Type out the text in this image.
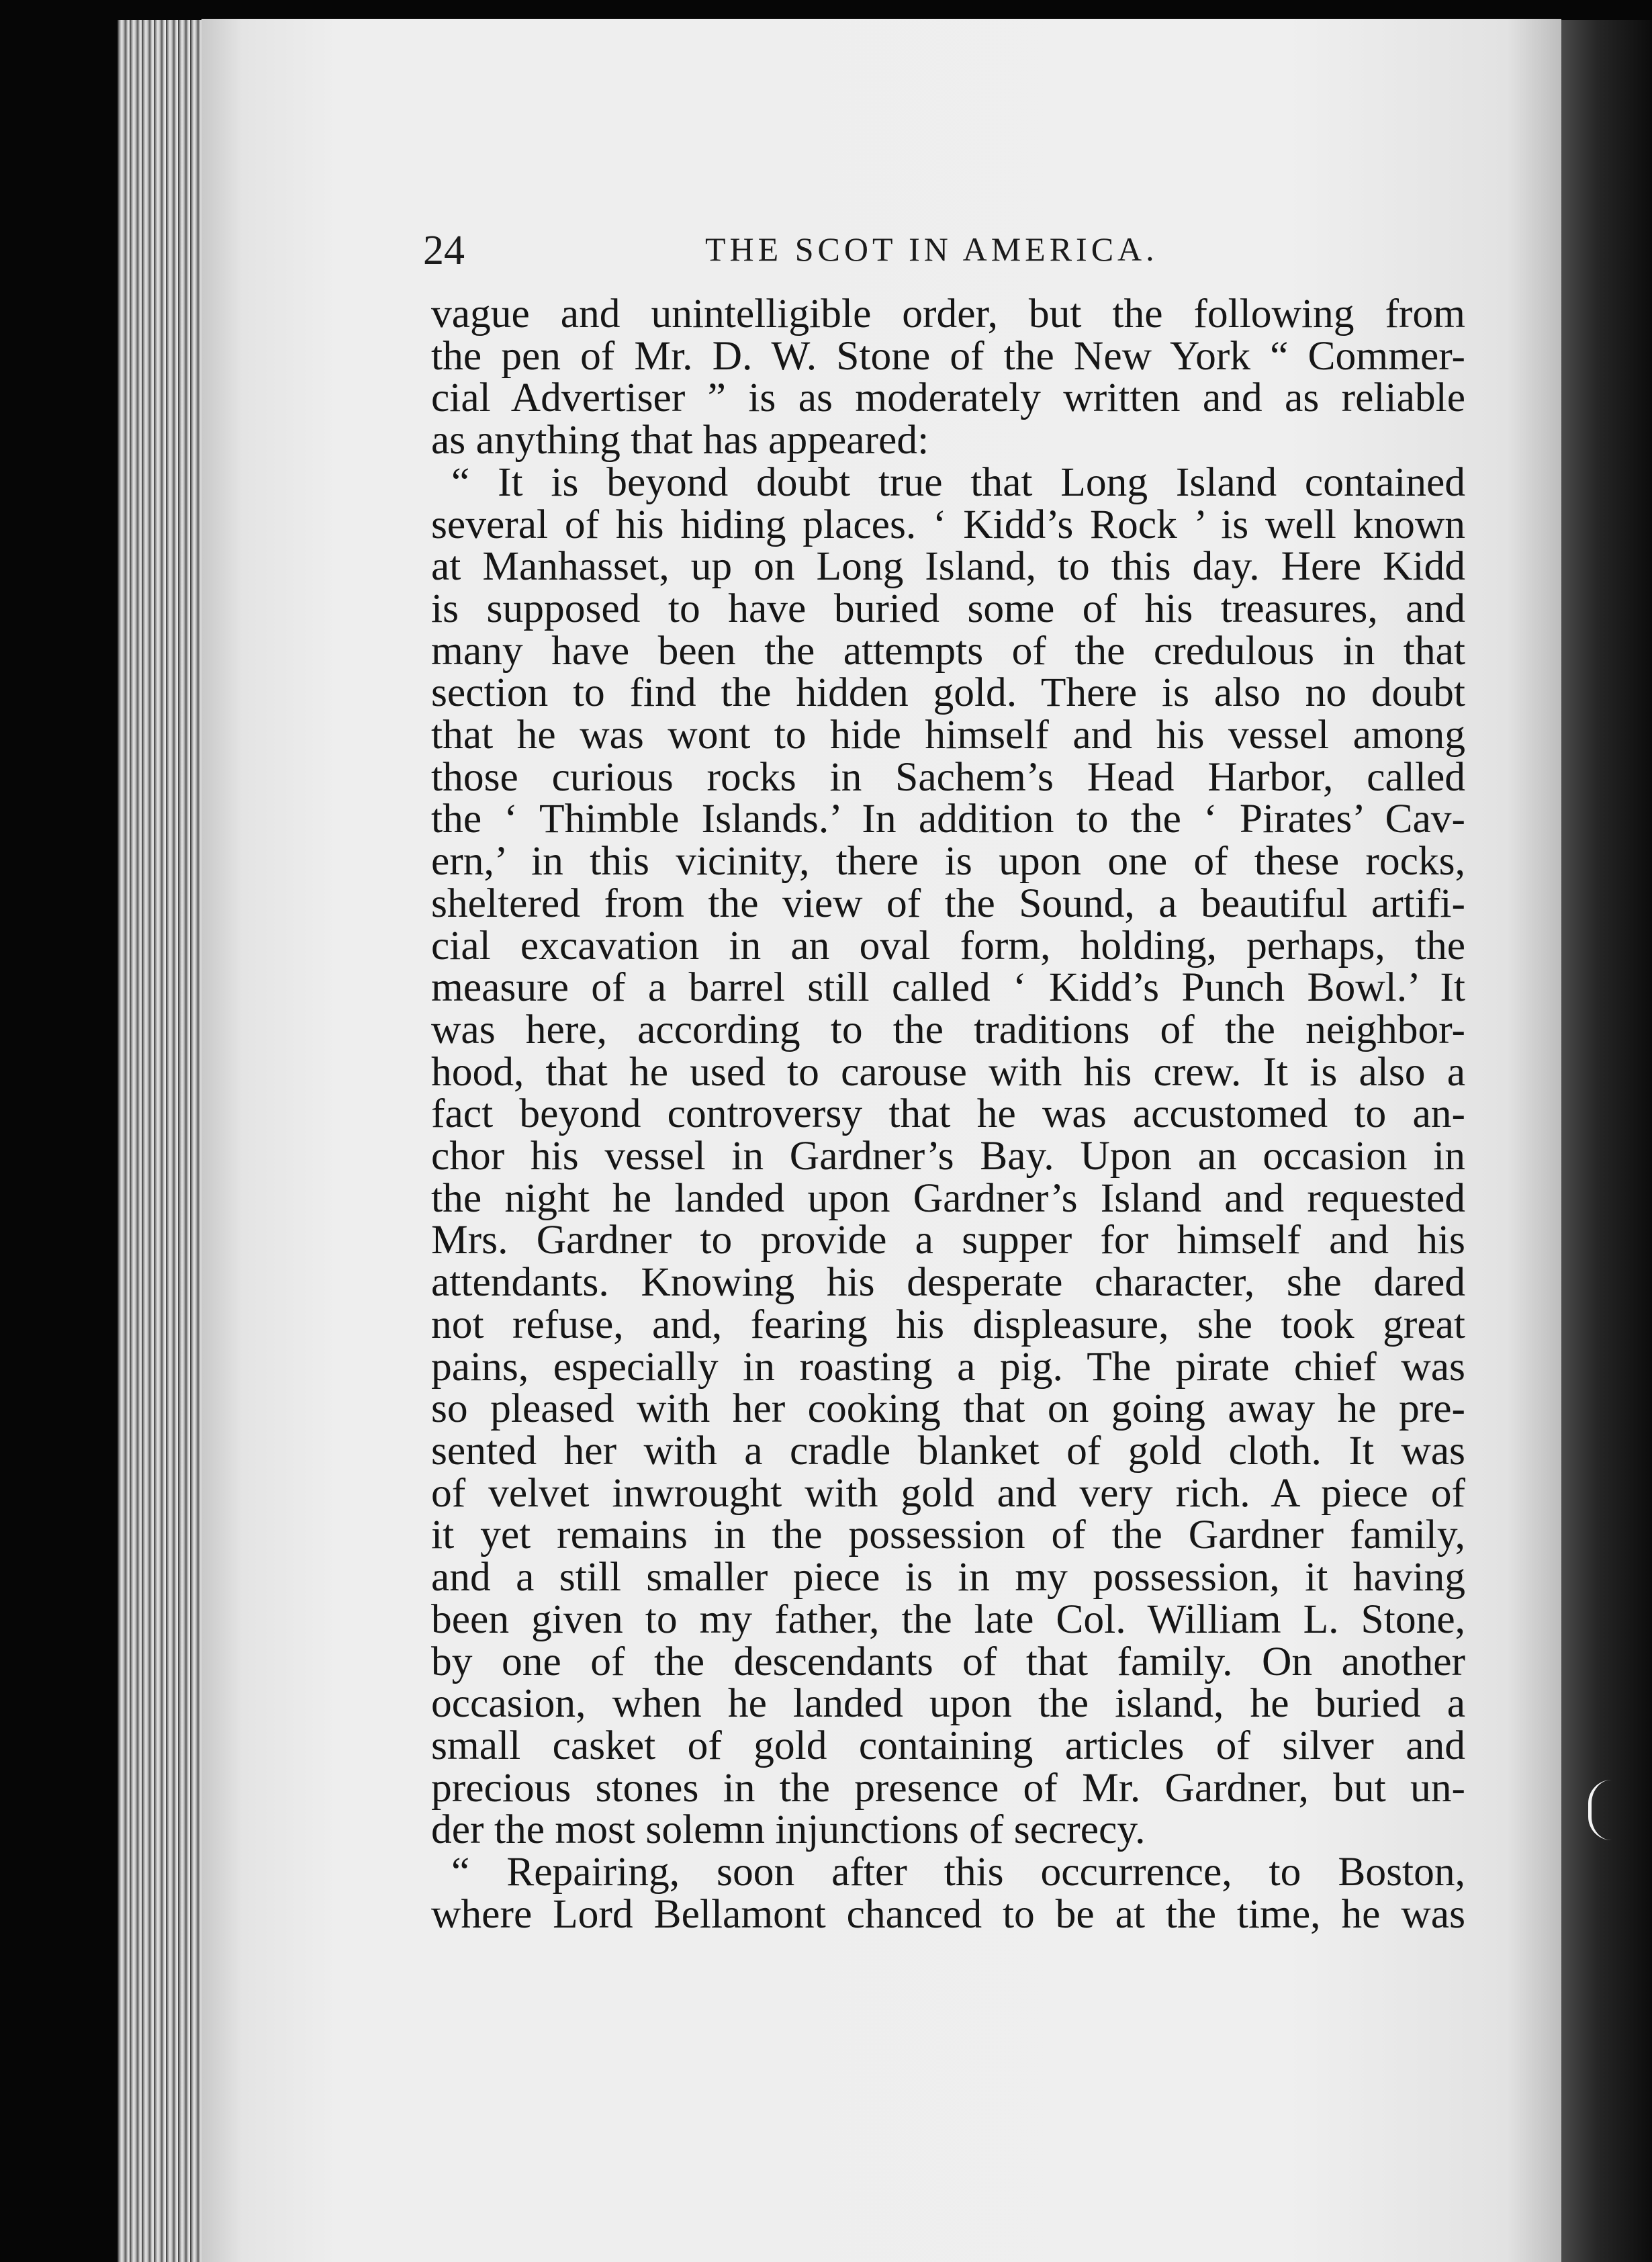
24	THE SCOT IN AMERICA.
vague and unintelligible order, but the following from
the pen of Mr. D. W. Stone of the New York “ Commer-
cial Advertiser ” is as moderately written and as reliable
as anything that has appeared:
“ It is beyond doubt true that Long Island contained
several of his hiding places. ‘ Kidd’s Rock ’ is well known
at Manhasset, up on Long Island, to this day. Here Kidd
is supposed to have buried some of his treasures, and
many have been the attempts of the credulous in that
section to find the hidden gold. There is also no doubt
that he was wont to hide himself and his vessel among
those curious rocks in Sachem’s Head Harbor, called
the ‘ Thimble Islands.’ In addition to the ‘ Pirates’ Cav-
ern,’ in this vicinity, there is upon one of these rocks,
sheltered from the view of the Sound, a beautiful artifi-
cial excavation in an oval form, holding, perhaps, the
measure of a barrel still called ‘ Kidd’s Punch Bowl.’ It
was here, according to the traditions of the neighbor-
hood, that he used to carouse with his crew. It is also a
fact beyond controversy that he was accustomed to an-
chor his vessel in Gardner’s Bay. Upon an occasion in
the night he landed upon Gardner’s Island and requested
Mrs. Gardner to provide a supper for himself and his
attendants. Knowing his desperate character, she dared
not refuse, and, fearing his displeasure, she took great
pains, especially in roasting a pig. The pirate chief was
so pleased with her cooking that on going away he pre-
sented her with a cradle blanket of gold cloth. It was
of velvet inwrought with gold and very rich. A piece of
it yet remains in the possession of the Gardner family,
and a still smaller piece is in my possession, it having
been given to my father, the late Col. William L. Stone,
by one of the descendants of that family. On another
occasion, when he landed upon the island, he buried a
small casket of gold containing articles of silver and
precious stones in the presence of Mr. Gardner, but un-
der the most solemn injunctions of secrecy.
“ Repairing, soon after this occurrence, to Boston,
where Lord Bellamont chanced to be at the time, he was
